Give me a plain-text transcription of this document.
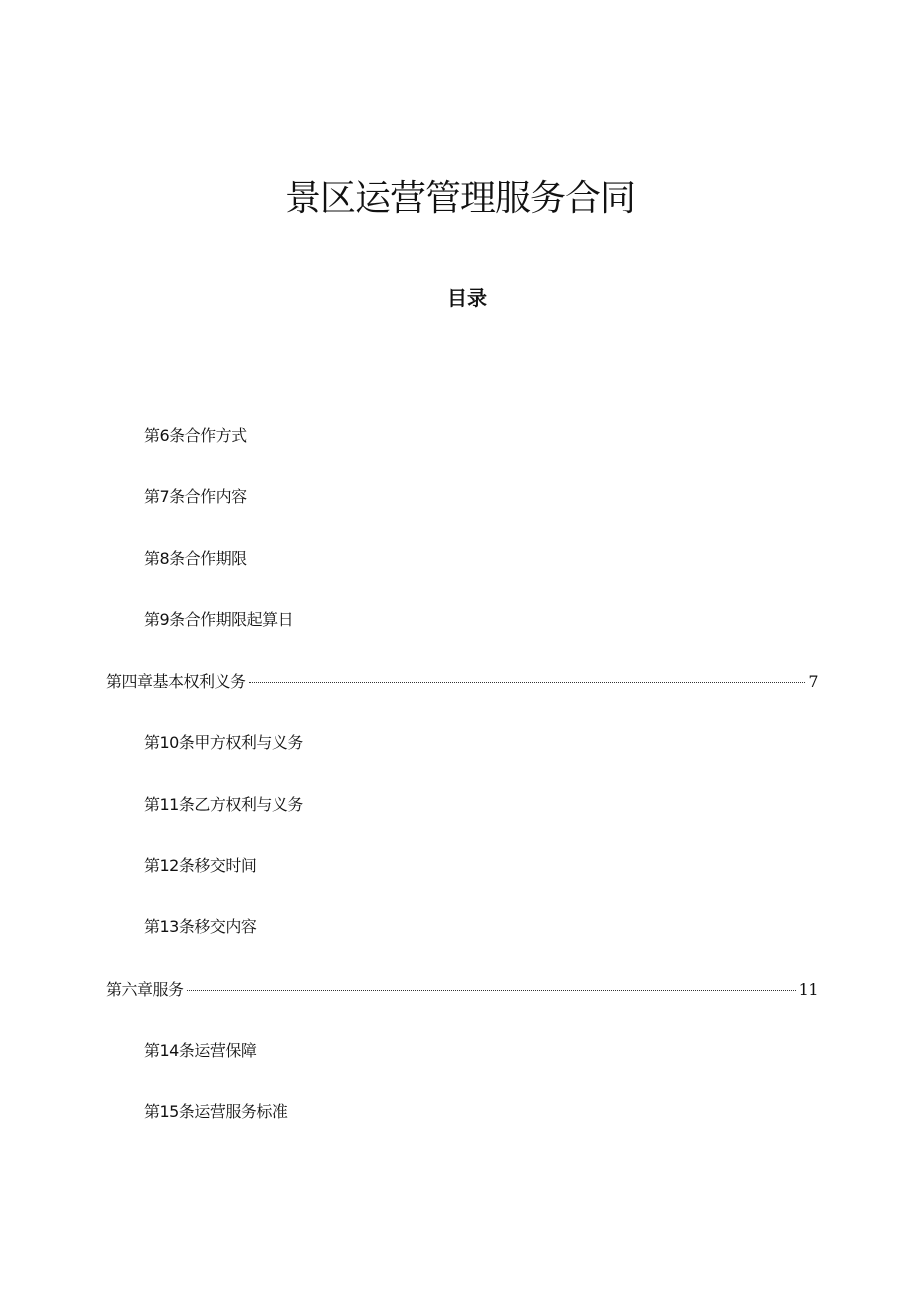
景区运营管理服务合同
目录
第6条合作方式
第7条合作内容
第8条合作期限
第9条合作期限起算日
第四章基本权利义务	7
第10条甲方权利与义务
第11条乙方权利与义务
第12条移交时间
第13条移交内容
第六章服务	11
第14条运营保障
第15条运营服务标准
